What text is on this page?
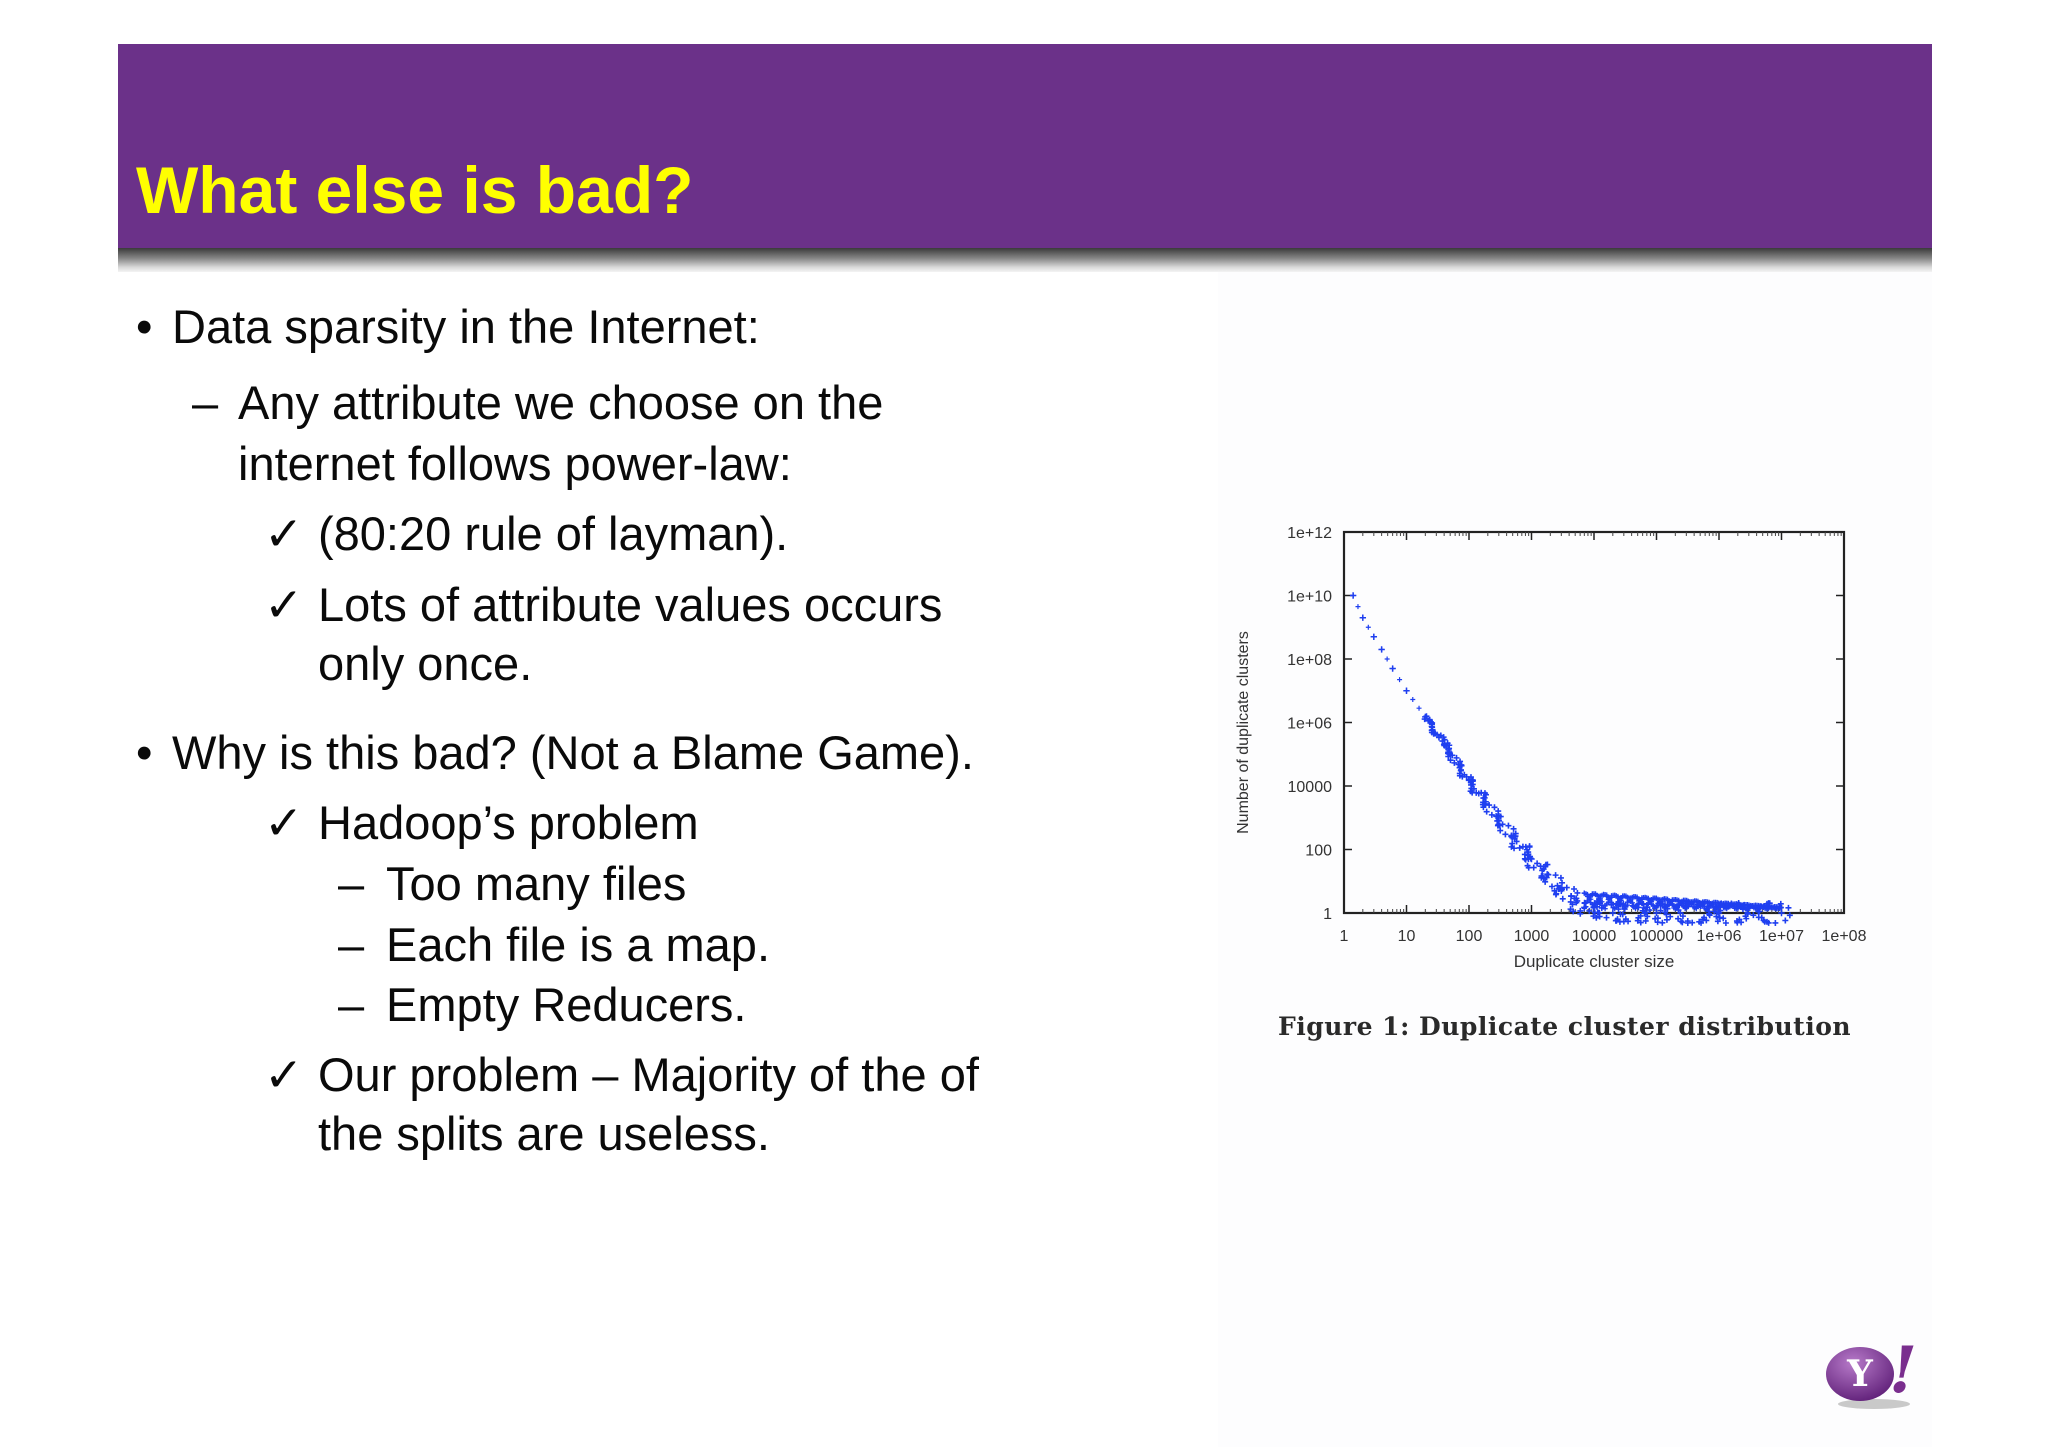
What else is bad?
• Data sparsity in the Internet:
– Any attribute we choose on the
internet follows power-law:
✓ (80:20 rule of layman).
✓ Lots of attribute values occurs
only once.
• Why is this bad? (Not a Blame Game).
✓ Hadoop’s problem
– Too many files
– Each file is a map.
– Empty Reducers.
✓ Our problem – Majority of the of
the splits are useless.
1	10	100 1000 10000 100000 1e+06 1e+07 1e+08
1
100
10000
1e+06
1e+08
1e+10
1e+12
Duplicate cluster size
Number of duplicate clusters
Figure 1: Duplicate cluster distribution
Y !
